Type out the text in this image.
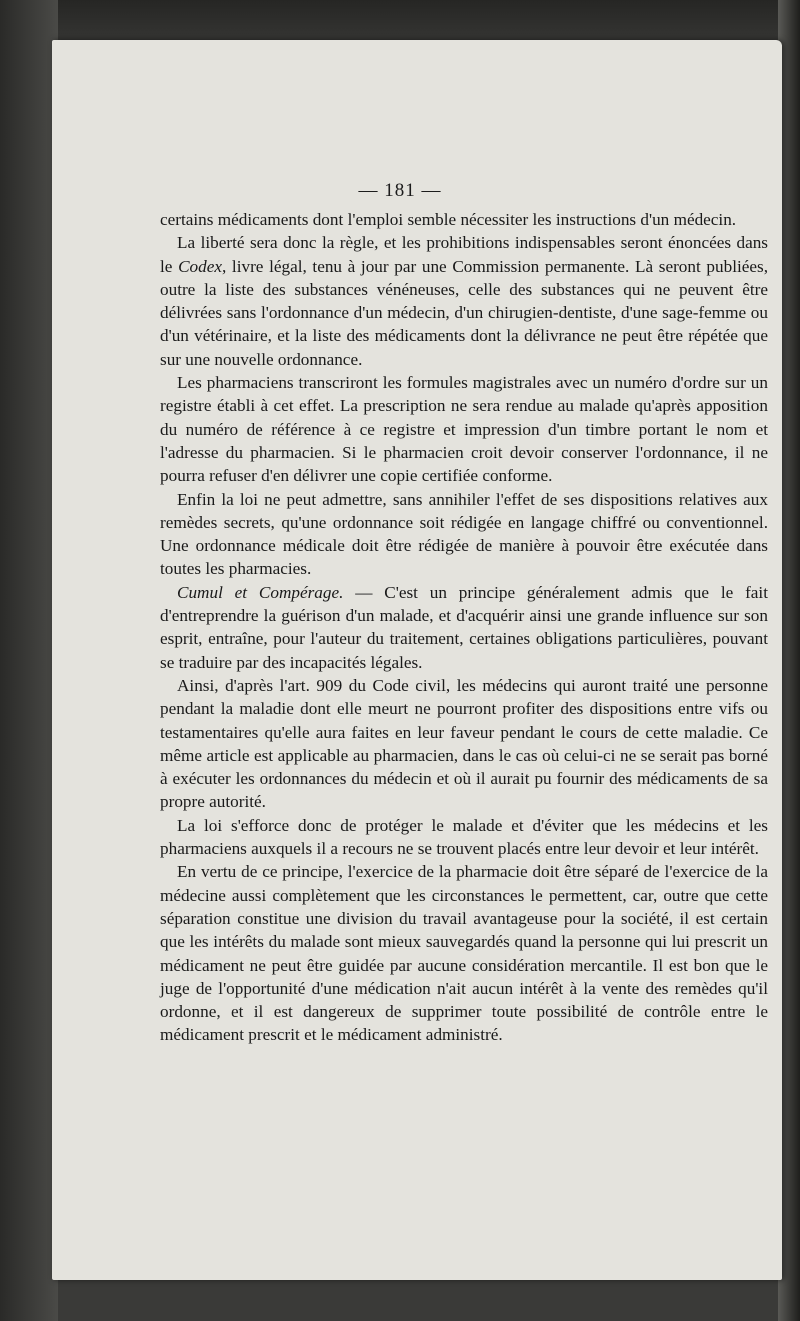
— 181 —

certains médicaments dont l'emploi semble nécessiter les instructions d'un médecin.

La liberté sera donc la règle, et les prohibitions indispensables seront énoncées dans le Codex, livre légal, tenu à jour par une Commission permanente. Là seront publiées, outre la liste des substances vénéneuses, celle des substances qui ne peuvent être délivrées sans l'ordonnance d'un médecin, d'un chirugien-dentiste, d'une sage-femme ou d'un vétérinaire, et la liste des médicaments dont la délivrance ne peut être répétée que sur une nouvelle ordonnance.

Les pharmaciens transcriront les formules magistrales avec un numéro d'ordre sur un registre établi à cet effet. La prescription ne sera rendue au malade qu'après apposition du numéro de référence à ce registre et impression d'un timbre portant le nom et l'adresse du pharmacien. Si le pharmacien croit devoir conserver l'ordonnance, il ne pourra refuser d'en délivrer une copie certifiée conforme.

Enfin la loi ne peut admettre, sans annihiler l'effet de ses dispositions relatives aux remèdes secrets, qu'une ordonnance soit rédigée en langage chiffré ou conventionnel. Une ordonnance médicale doit être rédigée de manière à pouvoir être exécutée dans toutes les pharmacies.

Cumul et Compérage. — C'est un principe généralement admis que le fait d'entreprendre la guérison d'un malade, et d'acquérir ainsi une grande influence sur son esprit, entraîne, pour l'auteur du traitement, certaines obligations particulières, pouvant se traduire par des incapacités légales.

Ainsi, d'après l'art. 909 du Code civil, les médecins qui auront traité une personne pendant la maladie dont elle meurt ne pourront profiter des dispositions entre vifs ou testamentaires qu'elle aura faites en leur faveur pendant le cours de cette maladie. Ce même article est applicable au pharmacien, dans le cas où celui-ci ne se serait pas borné à exécuter les ordonnances du médecin et où il aurait pu fournir des médicaments de sa propre autorité.

La loi s'efforce donc de protéger le malade et d'éviter que les médecins et les pharmaciens auxquels il a recours ne se trouvent placés entre leur devoir et leur intérêt.

En vertu de ce principe, l'exercice de la pharmacie doit être séparé de l'exercice de la médecine aussi complètement que les circonstances le permettent, car, outre que cette séparation constitue une division du travail avantageuse pour la société, il est certain que les intérêts du malade sont mieux sauvegardés quand la personne qui lui prescrit un médicament ne peut être guidée par aucune considération mercantile. Il est bon que le juge de l'opportunité d'une médication n'ait aucun intérêt à la vente des remèdes qu'il ordonne, et il est dangereux de supprimer toute possibilité de contrôle entre le médicament prescrit et le médicament administré.
